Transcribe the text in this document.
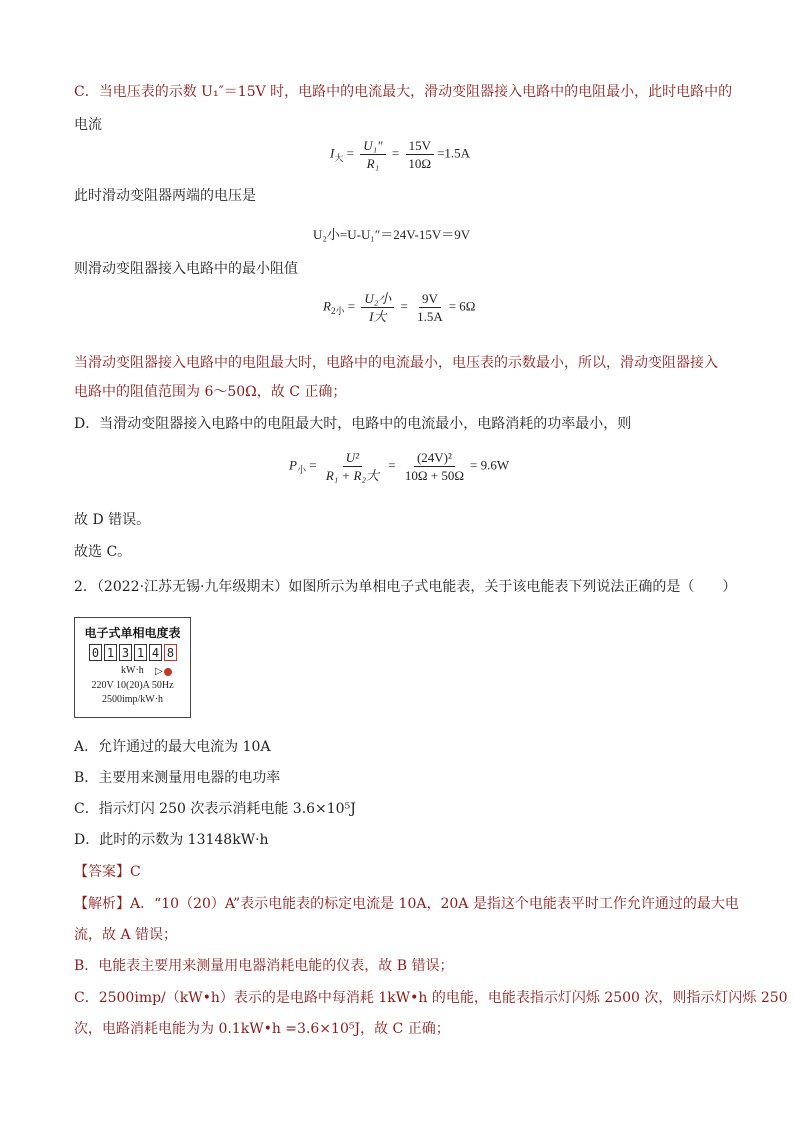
C．当电压表的示数 U₁″＝15V 时，电路中的电流最大，滑动变阻器接入电路中的电阻最小，此时电路中的
电流
$I_大 = \frac{\text{U₁"}}{\text{R₁}} = \frac{15V}{10\Omega} =1.5A$
此时滑动变阻器两端的电压是
U₂小=U-U₁″＝24V-15V＝9V
则滑动变阻器接入电路中的最小阻值
$R_{2小} = \frac{\text{U₂小}}{\text{I大}} = \frac{9V}{1.5A} = 6\Omega$
当滑动变阻器接入电路中的电阻最大时，电路中的电流最小，电压表的示数最小，所以，滑动变阻器接入
电路中的阻值范围为 6～50Ω，故 C 正确；
D．当滑动变阻器接入电路中的电阻最大时，电路中的电流最小，电路消耗的功率最小，则
$P_小 = \frac{\text{U²}}{\text{R₁ + R₂大}} = \frac{\text{(24V)²}}{10\Omega + 50\Omega} = 9.6W$
故 D 错误。
故选 C。
2．（2022·江苏无锡·九年级期末）如图所示为单相电子式电能表，关于该电能表下列说法正确的是（　　）
电子式单相电度表
0 1 3 1 4 8
kW·h ▷
220V 10(20)A 50Hz
2500imp/kW·h
A．允许通过的最大电流为 10A
B．主要用来测量用电器的电功率
C．指示灯闪 250 次表示消耗电能 3.6×10⁵J
D．此时的示数为 13148kW·h
【答案】C
【解析】A．“10（20）A”表示电能表的标定电流是 10A，20A 是指这个电能表平时工作允许通过的最大电
流，故 A 错误；
B．电能表主要用来测量用电器消耗电能的仪表，故 B 错误；
C．2500imp/（kW•h）表示的是电路中每消耗 1kW•h 的电能，电能表指示灯闪烁 2500 次，则指示灯闪烁 250
次，电路消耗电能为为 0.1kW•h =3.6×10⁵J，故 C 正确；
